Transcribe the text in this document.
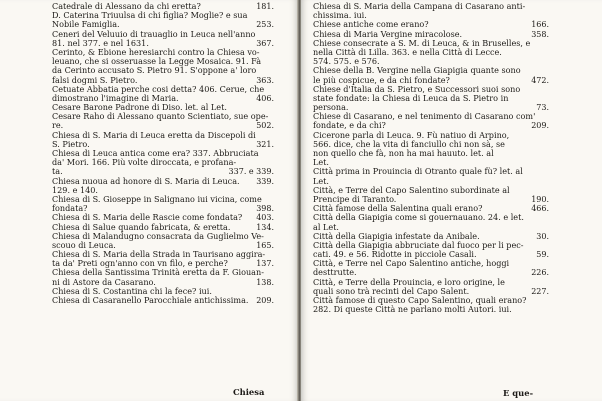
Catedrale di Alessano da chi eretta?	181.
D. Caterina Triuulsa di chi figlia? Moglie? e sua
Nobile Famiglia.	253.
Ceneri del Veluuio di trauaglio in Leuca nell'anno
81. nel 377. e nel 1631.	367.
Cerinto, & Ebione heresiarchi contro la Chiesa vo-
leuano, che si osseruasse la Legge Mosaica. 91. Fà
da Cerinto accusato S. Pietro 91. S'oppone a' loro
falsi dogmi S. Pietro.	363.
Cetuate Abbatia perche cosi detta? 406. Cerue, che
dimostrano l'imagine di Maria.	406.
Cesare Barone Padrone di Diso. let. al Let.
Cesare Raho di Alessano quanto Scientiato, sue ope-
re.	502.
Chiesa di S. Maria di Leuca eretta da Discepoli di
S. Pietro.	321.
Chiesa di Leuca antica come era? 337. Abbruciata
da' Mori. 166. Più volte diroccata, e profana-
ta.	337. e 339.
Chiesa nuoua ad honore di S. Maria di Leuca. 339.
129. e 140.
Chiesa di S. Gioseppe in Salignano iui vicina, come
fondata?	398.
Chiesa di S. Maria delle Rascie come fondata? 403.
Chiesa di Salue quando fabricata, & eretta.	134.
Chiesa di Malandugno consacrata da Guglielmo Ve-
scouo di Leuca.	165.
Chiesa di S. Maria della Strada in Taurisano aggira-
ta da' Preti ogn'anno con vn filo, e perche?	137.
Chiesa della Santissima Trinità eretta da F. Giouan-
ni di Astore da Casarano.	138.
Chiesa di S. Costantina chi la fece? iui.
Chiesa di Casaranello Parocchiale antichissima. 209.
Chiesa
Chiesa di S. Maria della Campana di Casarano anti-
chissima. iui.
Chiese antiche come erano?	166.
Chiesa di Maria Vergine miracolose.	358.
Chiese consecrate a S. M. di Leuca, & in Bruselles, e
nella Città di Lilla. 363. e nella Città di Lecce.
574. 575. e 576.
Chiese della B. Vergine nella Giapigia quante sono
le più cospicue, e da chi fondate?	472.
Chiese d'Italia da S. Pietro, e Successori suoi sono
state fondate: la Chiesa di Leuca da S. Pietro in
persona.	73.
Chiese di Casarano, e nel tenimento di Casarano com'
fondate, e da chi?	209.
Cicerone parla di Leuca. 9. Fù natiuo di Arpino,
566. dice, che la vita di fanciullo chi non sà, se
non quello che fà, non ha mai hauuto. let. al
Let.
Città prima in Prouincia di Otranto quale fù? let. al
Let.
Città, e Terre del Capo Salentino subordinate al
Prencipe di Taranto.	190.
Città famose della Salentina quali erano?	466.
Città della Giapigia come si gouernauano. 24. e let.
al Let.
Città della Giapigia infestate da Anibale.	30.
Città della Giapigia abbruciate dal fuoco per li pec-
cati. 49. e 56. Ridotte in picciole Casali.	59.
Città, e Terre nel Capo Salentino antiche, hoggi
desttrutte.	226.
Città, e Terre della Prouincia, e loro origine, le
quali sono trà recinti del Capo Salent.	227.
Città famose di questo Capo Salentino, quali erano?
282. Di queste Città ne parlano molti Autori. iui.
E que-
